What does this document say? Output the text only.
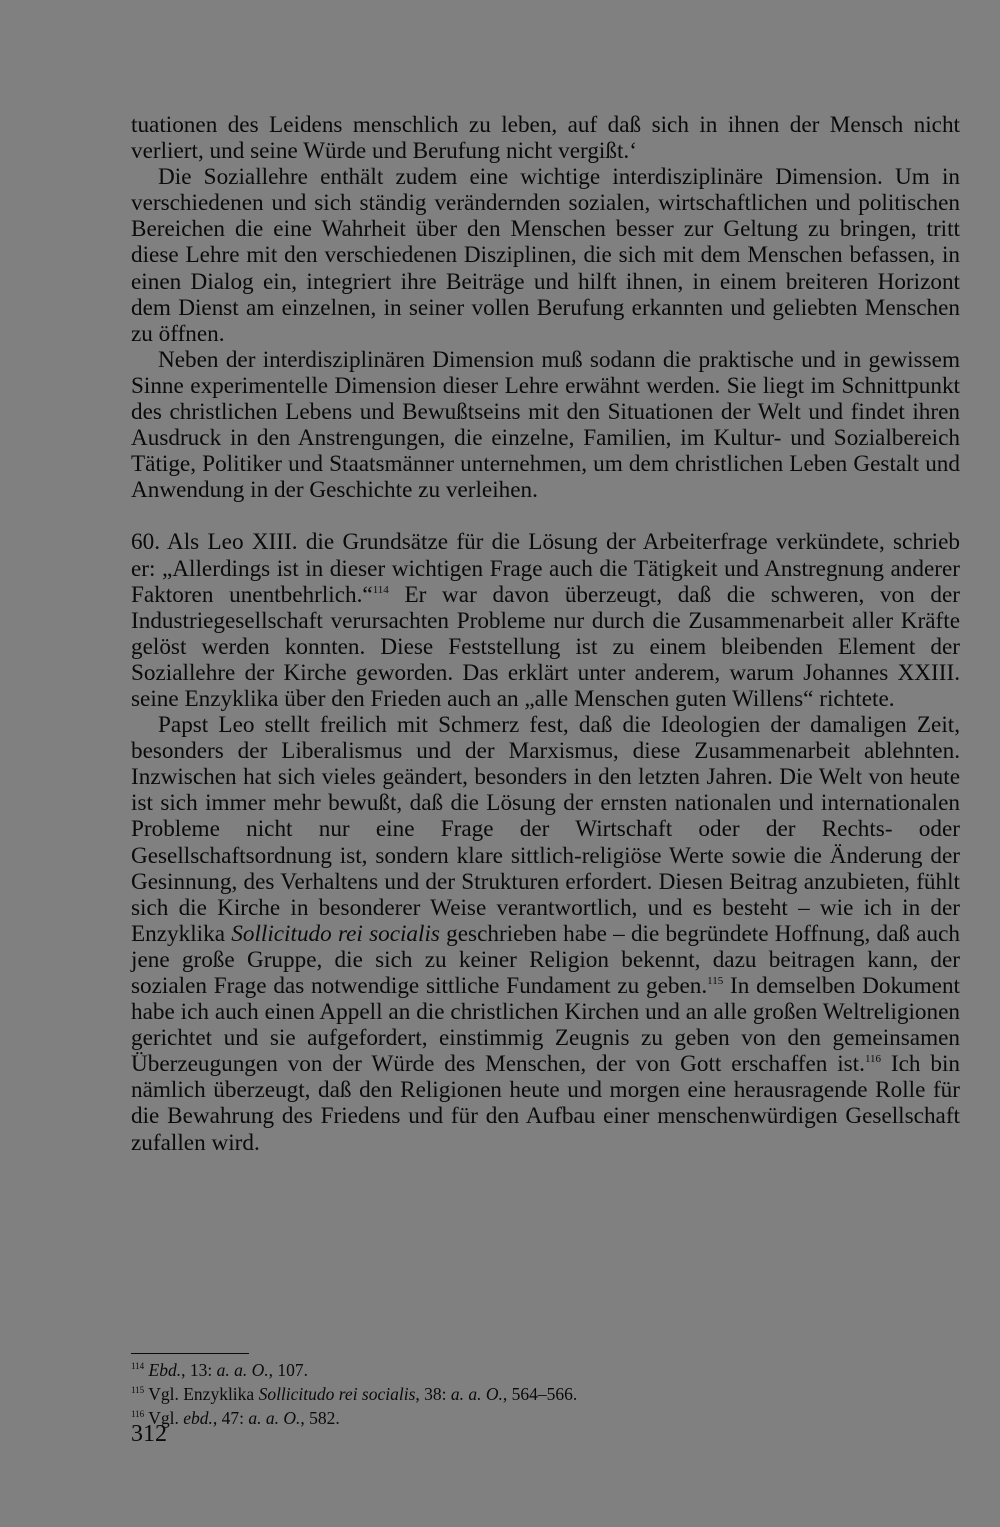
tuationen des Leidens menschlich zu leben, auf daß sich in ihnen der Mensch nicht verliert, und seine Würde und Berufung nicht vergißt.‘

Die Soziallehre enthält zudem eine wichtige interdisziplinäre Dimension. Um in verschiedenen und sich ständig verändernden sozialen, wirtschaftlichen und politischen Bereichen die eine Wahrheit über den Menschen besser zur Geltung zu bringen, tritt diese Lehre mit den verschiedenen Disziplinen, die sich mit dem Menschen befassen, in einen Dialog ein, integriert ihre Beiträge und hilft ihnen, in einem breiteren Horizont dem Dienst am einzelnen, in seiner vollen Berufung erkannten und geliebten Menschen zu öffnen.

Neben der interdisziplinären Dimension muß sodann die praktische und in gewissem Sinne experimentelle Dimension dieser Lehre erwähnt werden. Sie liegt im Schnittpunkt des christlichen Lebens und Bewußtseins mit den Situationen der Welt und findet ihren Ausdruck in den Anstrengungen, die einzelne, Familien, im Kultur- und Sozialbereich Tätige, Politiker und Staatsmänner unternehmen, um dem christlichen Leben Gestalt und Anwendung in der Geschichte zu verleihen.

60. Als Leo XIII. die Grundsätze für die Lösung der Arbeiterfrage verkündete, schrieb er: „Allerdings ist in dieser wichtigen Frage auch die Tätigkeit und Anstregnung anderer Faktoren unentbehrlich.“$^{114}$ Er war davon überzeugt, daß die schweren, von der Industriegesellschaft verursachten Probleme nur durch die Zusammenarbeit aller Kräfte gelöst werden konnten. Diese Feststellung ist zu einem bleibenden Element der Soziallehre der Kirche geworden. Das erklärt unter anderem, warum Johannes XXIII. seine Enzyklika über den Frieden auch an „alle Menschen guten Willens“ richtete.

Papst Leo stellt freilich mit Schmerz fest, daß die Ideologien der damaligen Zeit, besonders der Liberalismus und der Marxismus, diese Zusammenarbeit ablehnten. Inzwischen hat sich vieles geändert, besonders in den letzten Jahren. Die Welt von heute ist sich immer mehr bewußt, daß die Lösung der ernsten nationalen und internationalen Probleme nicht nur eine Frage der Wirtschaft oder der Rechts- oder Gesellschaftsordnung ist, sondern klare sittlich-religiöse Werte sowie die Änderung der Gesinnung, des Verhaltens und der Strukturen erfordert. Diesen Beitrag anzubieten, fühlt sich die Kirche in besonderer Weise verantwortlich, und es besteht – wie ich in der Enzyklika Sollicitudo rei socialis geschrieben habe – die begründete Hoffnung, daß auch jene große Gruppe, die sich zu keiner Religion bekennt, dazu beitragen kann, der sozialen Frage das notwendige sittliche Fundament zu geben.$^{115}$ In demselben Dokument habe ich auch einen Appell an die christlichen Kirchen und an alle großen Weltreligionen gerichtet und sie aufgefordert, einstimmig Zeugnis zu geben von den gemeinsamen Überzeugungen von der Würde des Menschen, der von Gott erschaffen ist.$^{116}$ Ich bin nämlich überzeugt, daß den Religionen heute und morgen eine herausragende Rolle für die Bewahrung des Friedens und für den Aufbau einer menschenwürdigen Gesellschaft zufallen wird.

$^{114}$ Ebd., 13: a. a. O., 107.
$^{115}$ Vgl. Enzyklika Sollicitudo rei socialis, 38: a. a. O., 564–566.
$^{116}$ Vgl. ebd., 47: a. a. O., 582.
312
